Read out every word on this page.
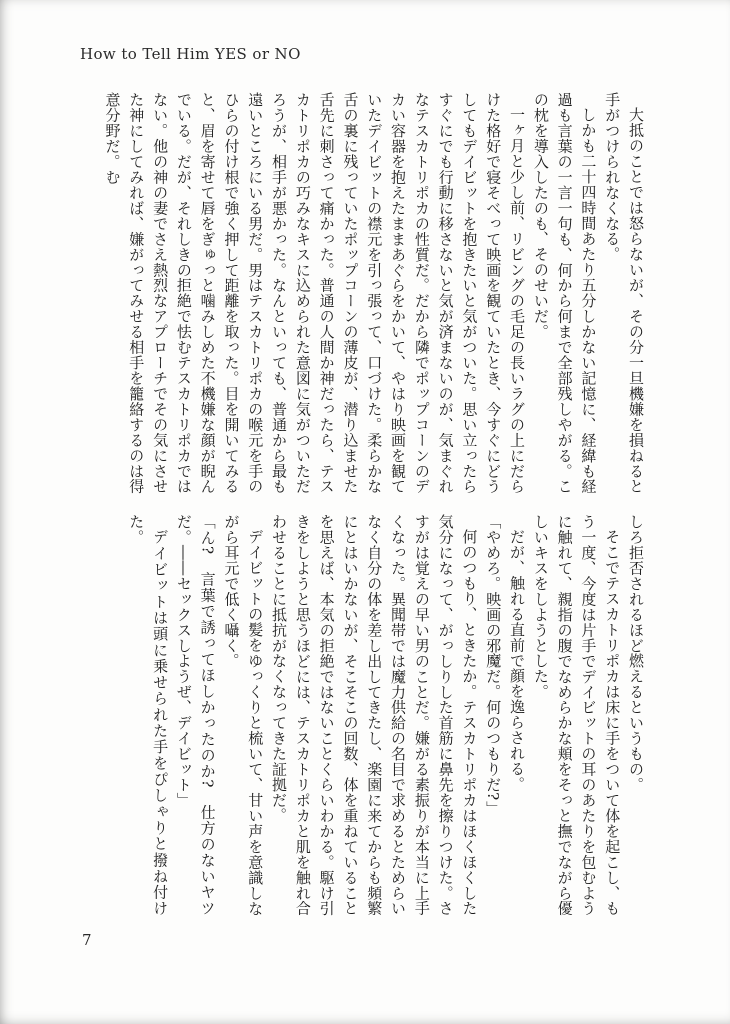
How to Tell Him YES or NO

大抵のことでは怒らないが、その分一旦機嫌を損ねると手がつけられなくなる。

しかも二十四時間あたり五分しかない記憶に、経緯も経過も言葉の一言一句も、何から何まで全部残しやがる。この枕を導入したのも、そのせいだ。

一ヶ月と少し前、リビングの毛足の長いラグの上にだらけた格好で寝そべって映画を観ていたとき、今すぐにどうしてもデイビットを抱きたいと気がついた。思い立ったらすぐにでも行動に移さないと気が済まないのが、気まぐれなテスカトリポカの性質だ。だから隣でポップコーンのデカい容器を抱えたままあぐらをかいて、やはり映画を観ていたデイビットの襟元を引っ張って、口づけた。柔らかな舌の裏に残っていたポップコーンの薄皮が、潜り込ませた舌先に刺さって痛かった。普通の人間か神だったら、テスカトリポカの巧みなキスに込められた意図に気がついただろうが、相手が悪かった。なんといっても、普通から最も遠いところにいる男だ。男はテスカトリポカの喉元を手のひらの付け根で強く押して距離を取った。目を開いてみると、眉を寄せて唇をぎゅっと噛みしめた不機嫌な顔が睨んでいる。だが、それしきの拒絶で怯むテスカトリポカではない。他の神の妻でさえ熱烈なアプローチでその気にさせた神にしてみれば、嫌がってみせる相手を籠絡するのは得意分野だ。む

しろ拒否されるほど燃えるというもの。

そこでテスカトリポカは床に手をついて体を起こし、もう一度、今度は片手でデイビットの耳のあたりを包むように触れて、親指の腹でなめらかな頬をそっと撫でながら優しいキスをしようとした。

だが、触れる直前で顔を逸らされる。

「やめろ。映画の邪魔だ。何のつもりだ?」

何のつもり、ときたか。テスカトリポカはほくほくした気分になって、がっしりした首筋に鼻先を擦りつけた。さすがは覚えの早い男のことだ。嫌がる素振りが本当に上手くなった。異聞帯では魔力供給の名目で求めるとためらいなく自分の体を差し出してきたし、楽園に来てからも頻繁にとはいかないが、そこそこの回数、体を重ねていることを思えば、本気の拒絶ではないことくらいわかる。駆け引きをしようと思うほどには、テスカトリポカと肌を触れ合わせることに抵抗がなくなってきた証拠だ。

デイビットの髪をゆっくりと梳いて、甘い声を意識しながら耳元で低く囁く。

「ん?　言葉で誘ってほしかったのか?　仕方のないヤツだ。――セックスしようぜ、デイビット」

デイビットは頭に乗せられた手をぴしゃりと撥ね付けた。

7
